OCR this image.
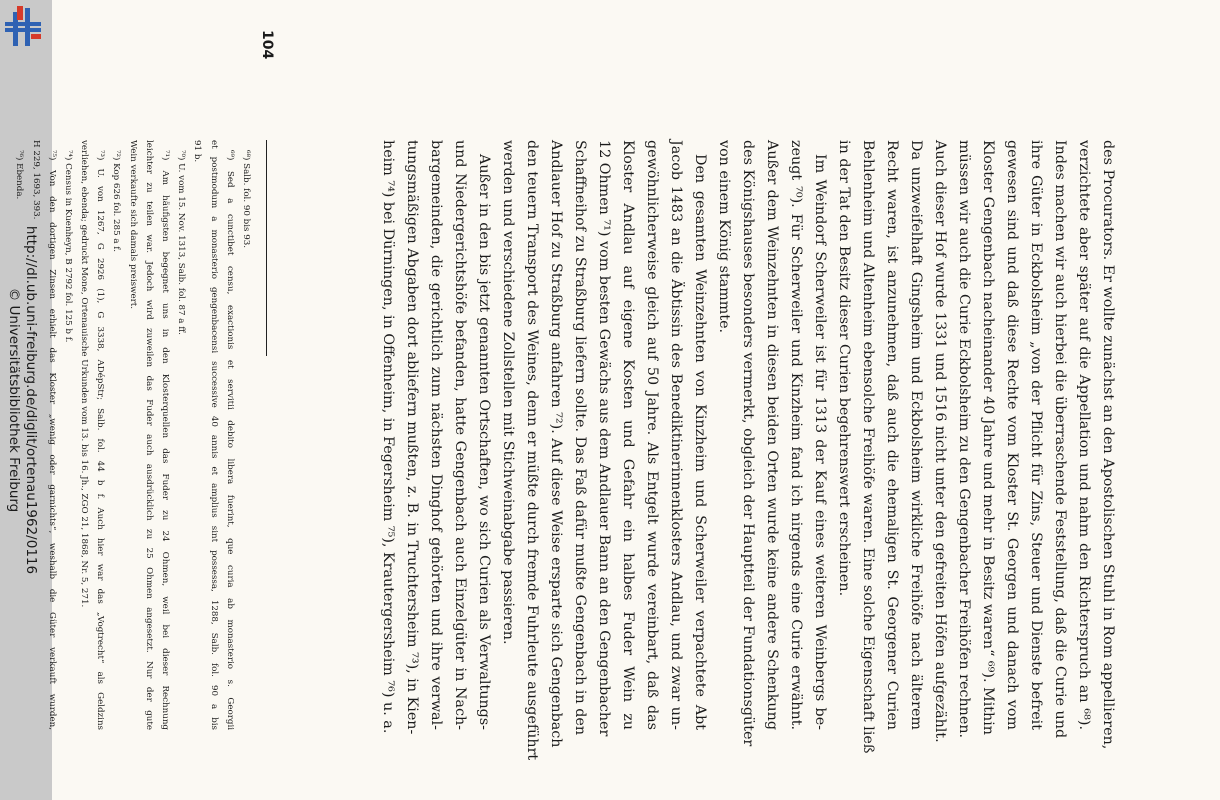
http://dl.ub.uni-freiburg.de/diglit/ortenau1962/0116
© Universitätsbibliothek Freiburg	des Procurators. Er wollte zunächst an den Apostolischen Stuhl in Rom appellieren,
verzichtete aber später auf die Appellation und nahm den Richterspruch an ⁶⁸).
Indes machen wir auch hierbei die überraschende Feststellung, daß die Curie und
ihre Güter in Eckbolsheim „von der Pflicht für Zins, Steuer und Dienste befreit
gewesen sind und daß diese Rechte vom Kloster St. Georgen und danach vom
Kloster Gengenbach nacheinander 40 Jahre und mehr in Besitz waren“ ⁶⁹). Mithin
müssen wir auch die Curie Eckbolsheim zu den Gengenbacher Freihöfen rechnen.
Auch dieser Hof wurde 1331 und 1516 nicht unter den gefreiten Höfen aufgezählt.
Da unzweifelhaft Gingsheim und Eckbolsheim wirkliche Freihöfe nach älterem
Recht waren, ist anzunehmen, daß auch die ehemaligen St. Georgener Curien
Behlenheim und Altenheim ebensolche Freihöfe waren. Eine solche Eigenschaft ließ
in der Tat den Besitz dieser Curien begehrenswert erscheinen.
Im Weindorf Scherweiler ist für 1313 der Kauf eines weiteren Weinbergs be-
zeugt ⁷⁰). Für Scherweiler und Kinzheim fand ich nirgends eine Curie erwähnt.
Außer dem Weinzehnten in diesen beiden Orten wurde keine andere Schenkung
des Königshauses besonders vermerkt, obgleich der Hauptteil der Fundationsgüter
von einem König stammte.
Den gesamten Weinzehnten von Kinzheim und Scherweiler verpachtete Abt
Jacob 1483 an die Äbtissin des Benediktinerinnenklosters Andlau, und zwar un-
gewöhnlicherweise gleich auf 50 Jahre. Als Entgelt wurde vereinbart, daß das
Kloster Andlau auf eigene Kosten und Gefahr ein halbes Fuder Wein zu
12 Ohmen ⁷¹) vom besten Gewächs aus dem Andlauer Bann an den Gengenbacher
Schaffneihof zu Straßburg liefern sollte. Das Faß dafür mußte Gengenbach in den
Andlauer Hof zu Straßburg anfahren ⁷²). Auf diese Weise ersparte sich Gengenbach
den teuern Transport des Weines, denn er müßte durch fremde Fuhrleute ausgeführt
werden und verschiedene Zollstellen mit Stichweinabgabe passieren.
Außer in den bis jetzt genannten Ortschaften, wo sich Curien als Verwaltungs-
und Niedergerichtshöfe befanden, hatte Gengenbach auch Einzelgüter in Nach-
bargemeinden, die gerichtlich zum nächsten Dinghof gehörten und ihre verwal-
tungsmäßigen Abgaben dort abliefern mußten, z. B. in Truchtersheim ⁷³), in Kien-
heim ⁷⁴) bei Dürningen, in Offenheim, in Fegersheim ⁷⁵), Krautergersheim ⁷⁶) u. a.
104
⁶⁸) Salb. fol. 90 bis 93.
⁶⁹) Sed a cunctibet censu, exactionis et servitii debito libera fuerint, que curia ab monasterio s. Georgii
et postmodum a monasterio gengenbacensi successive 40 annis et amplius sint possessa, 1288, Salb. fol. 90 a bis
91 b.
⁷⁰) U. vom 15. Nov. 1313, Salb. fol. 87 a ff.
⁷¹) Am häufigsten begegnet uns in den Klosterquellen das Fuder zu 24 Ohmen, weil bei dieser Rechnung
leichter zu teilen war. Jedoch wird zuweilen das Fuder auch ausdrücklich zu 25 Ohmen angesetzt. Nur der gute
Wein verkaufte sich damals preiswert.
⁷²) Kop 626 fol. 285 a f.
⁷³) U. von 1267, G 2926 (1), G 3338, ADépStr; Salb. fol. 44 b f. Auch hier war das „Vogtrecht“ als Geldzins
verliehen, ebenda; gedruckt Mone, Ortenauische Urkunden vom 13. bis 16. Jh., ZGO 21, 1868, Nr. 5, 271.
⁷⁴) Census in Kuenheyn, B 2792 fol. 125 b f.
⁷⁵) Von den dortigen Zinsen erhielt das Kloster „wenig oder garnichts“, weshalb die Güter verkauft wurden,
H 229, 1693, 393.
⁷⁶) Ebenda.
